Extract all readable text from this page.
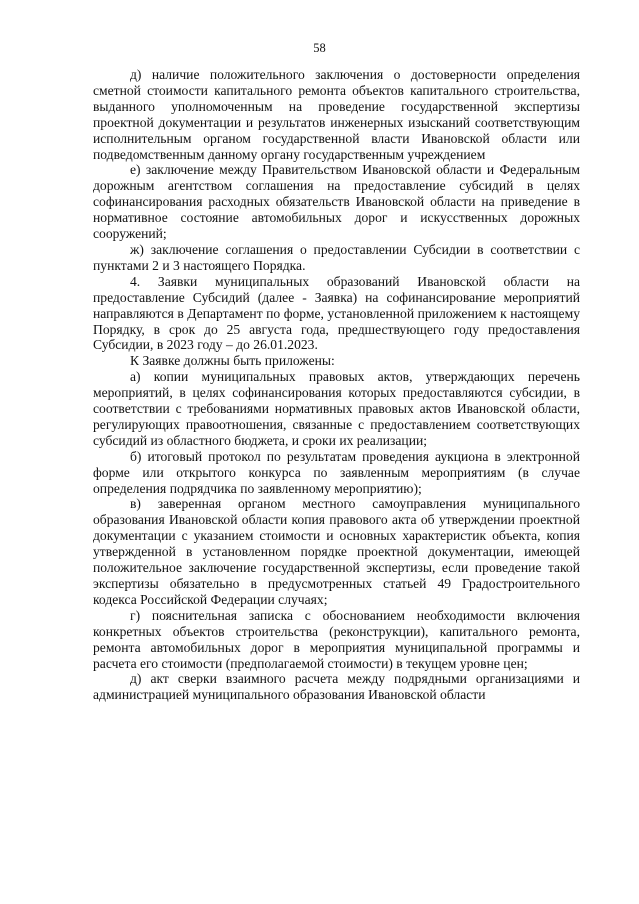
58

д) наличие положительного заключения о достоверности определения сметной стоимости капитального ремонта объектов капитального строительства, выданного уполномоченным на проведение государственной экспертизы проектной документации и результатов инженерных изысканий соответствующим исполнительным органом государственной власти Ивановской области или подведомственным данному органу государственным учреждением

е) заключение между Правительством Ивановской области и Федеральным дорожным агентством соглашения на предоставление субсидий в целях софинансирования расходных обязательств Ивановской области на приведение в нормативное состояние автомобильных дорог и искусственных дорожных сооружений;

ж) заключение соглашения о предоставлении Субсидии в соответствии с пунктами 2 и 3 настоящего Порядка.

4. Заявки муниципальных образований Ивановской области на предоставление Субсидий (далее - Заявка) на софинансирование мероприятий направляются в Департамент по форме, установленной приложением к настоящему Порядку, в срок до 25 августа года, предшествующего году предоставления Субсидии, в 2023 году – до 26.01.2023.

К Заявке должны быть приложены:

а) копии муниципальных правовых актов, утверждающих перечень мероприятий, в целях софинансирования которых предоставляются субсидии, в соответствии с требованиями нормативных правовых актов Ивановской области, регулирующих правоотношения, связанные с предоставлением соответствующих субсидий из областного бюджета, и сроки их реализации;

б) итоговый протокол по результатам проведения аукциона в электронной форме или открытого конкурса по заявленным мероприятиям (в случае определения подрядчика по заявленному мероприятию);

в) заверенная органом местного самоуправления муниципального образования Ивановской области копия правового акта об утверждении проектной документации с указанием стоимости и основных характеристик объекта, копия утвержденной в установленном порядке проектной документации, имеющей положительное заключение государственной экспертизы, если проведение такой экспертизы обязательно в предусмотренных статьей 49 Градостроительного кодекса Российской Федерации случаях;

г) пояснительная записка с обоснованием необходимости включения конкретных объектов строительства (реконструкции), капитального ремонта, ремонта автомобильных дорог в мероприятия муниципальной программы и расчета его стоимости (предполагаемой стоимости) в текущем уровне цен;

д) акт сверки взаимного расчета между подрядными организациями и администрацией муниципального образования Ивановской области
